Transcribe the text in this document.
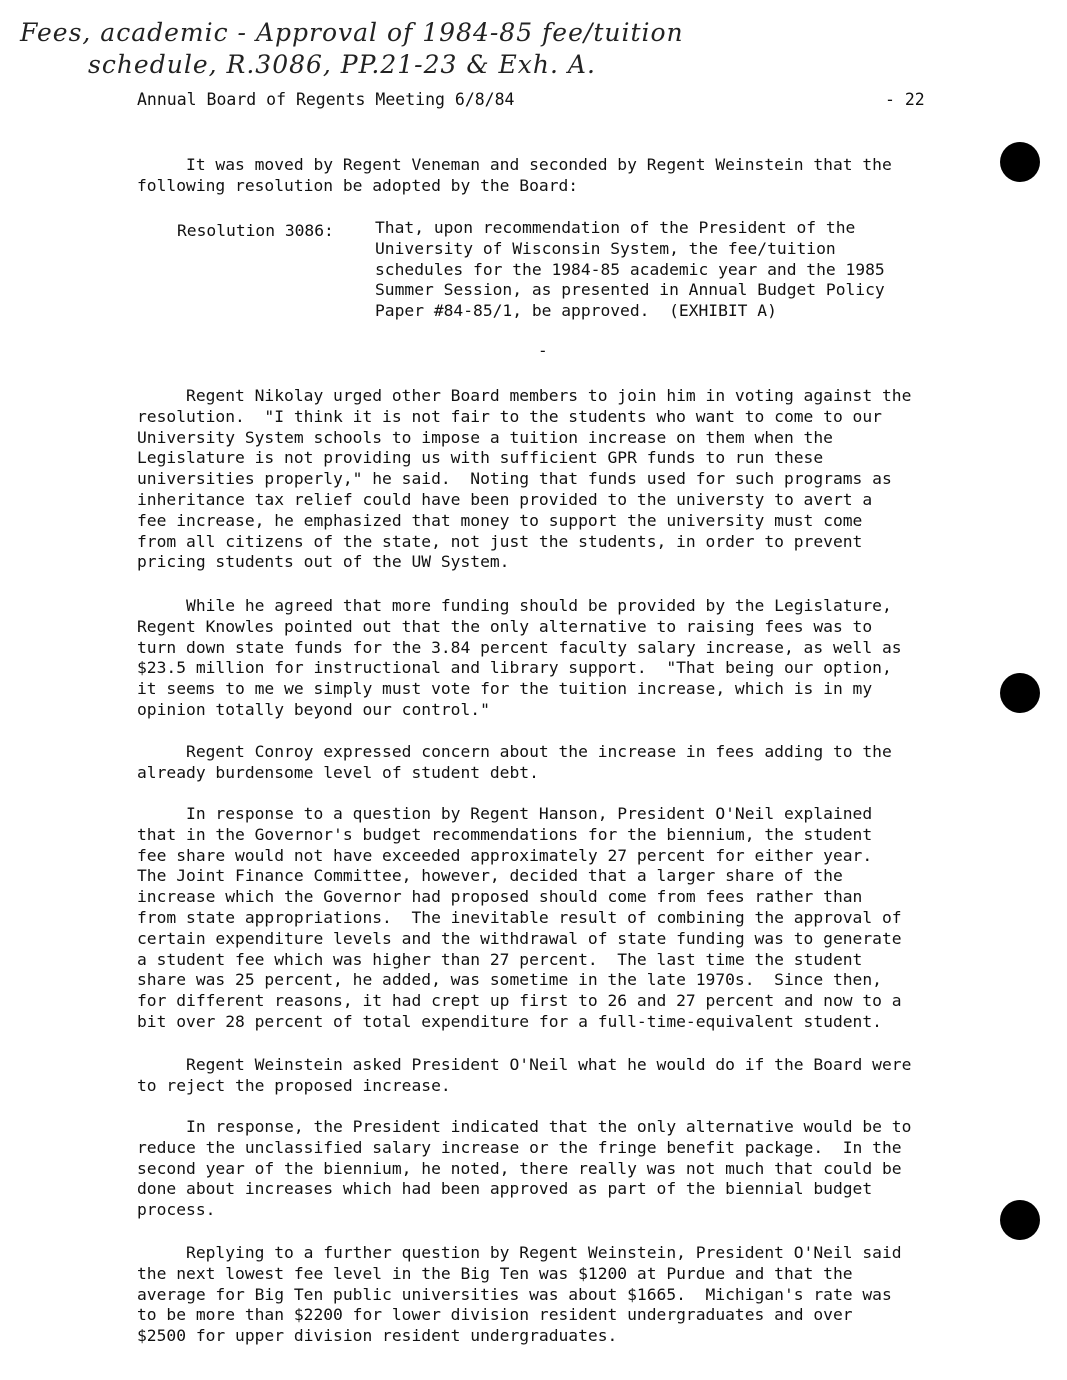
Fees, academic - Approval of 1984-85 fee/tuition
schedule, R.3086, PP.21-23 & Exh. A.
Annual Board of Regents Meeting 6/8/84	- 22
It was moved by Regent Veneman and seconded by Regent Weinstein that the
following resolution be adopted by the Board:
Resolution 3086:	That, upon recommendation of the President of the
University of Wisconsin System, the fee/tuition
schedules for the 1984-85 academic year and the 1985
Summer Session, as presented in Annual Budget Policy
Paper #84-85/1, be approved.  (EXHIBIT A)
-
Regent Nikolay urged other Board members to join him in voting against the
resolution.  "I think it is not fair to the students who want to come to our
University System schools to impose a tuition increase on them when the
Legislature is not providing us with sufficient GPR funds to run these
universities properly," he said.  Noting that funds used for such programs as
inheritance tax relief could have been provided to the universty to avert a
fee increase, he emphasized that money to support the university must come
from all citizens of the state, not just the students, in order to prevent
pricing students out of the UW System.
While he agreed that more funding should be provided by the Legislature,
Regent Knowles pointed out that the only alternative to raising fees was to
turn down state funds for the 3.84 percent faculty salary increase, as well as
$23.5 million for instructional and library support.  "That being our option,
it seems to me we simply must vote for the tuition increase, which is in my
opinion totally beyond our control."
Regent Conroy expressed concern about the increase in fees adding to the
already burdensome level of student debt.
In response to a question by Regent Hanson, President O'Neil explained
that in the Governor's budget recommendations for the biennium, the student
fee share would not have exceeded approximately 27 percent for either year.
The Joint Finance Committee, however, decided that a larger share of the
increase which the Governor had proposed should come from fees rather than
from state appropriations.  The inevitable result of combining the approval of
certain expenditure levels and the withdrawal of state funding was to generate
a student fee which was higher than 27 percent.  The last time the student
share was 25 percent, he added, was sometime in the late 1970s.  Since then,
for different reasons, it had crept up first to 26 and 27 percent and now to a
bit over 28 percent of total expenditure for a full-time-equivalent student.
Regent Weinstein asked President O'Neil what he would do if the Board were
to reject the proposed increase.
In response, the President indicated that the only alternative would be to
reduce the unclassified salary increase or the fringe benefit package.  In the
second year of the biennium, he noted, there really was not much that could be
done about increases which had been approved as part of the biennial budget
process.
Replying to a further question by Regent Weinstein, President O'Neil said
the next lowest fee level in the Big Ten was $1200 at Purdue and that the
average for Big Ten public universities was about $1665.  Michigan's rate was
to be more than $2200 for lower division resident undergraduates and over
$2500 for upper division resident undergraduates.
